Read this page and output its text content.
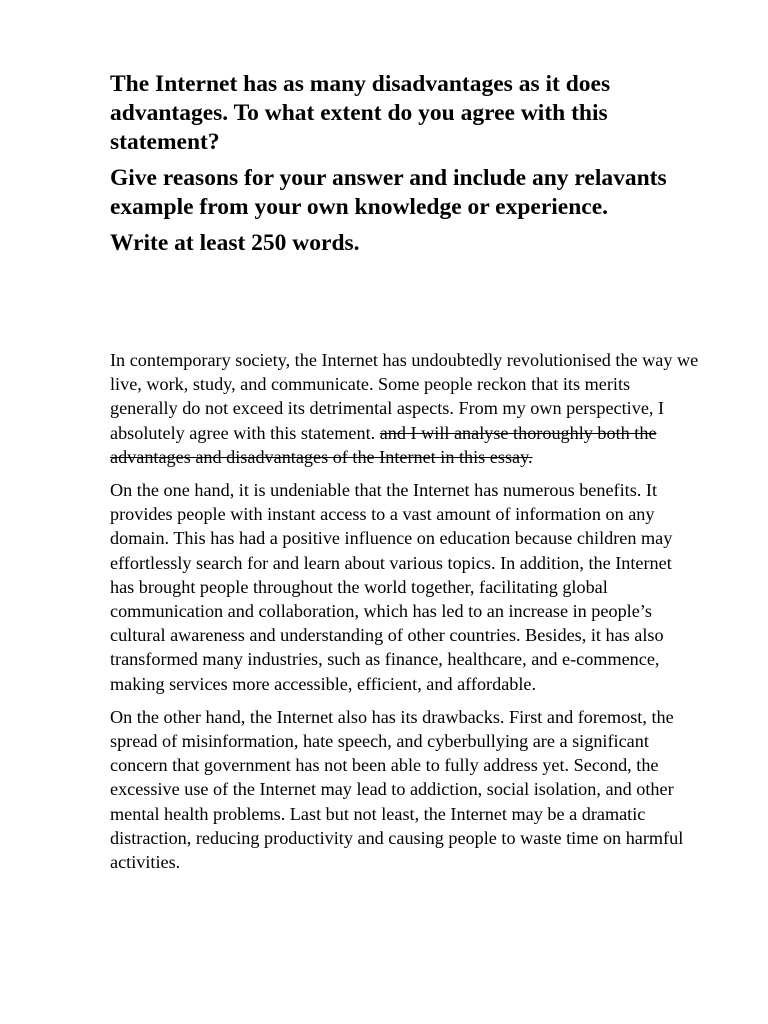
The Internet has as many disadvantages as it does advantages. To what extent do you agree with this statement?

Give reasons for your answer and include any relavants example from your own knowledge or experience.

Write at least 250 words.

In contemporary society, the Internet has undoubtedly revolutionised the way we live, work, study, and communicate. Some people reckon that its merits generally do not exceed its detrimental aspects. From my own perspective, I absolutely agree with this statement. and I will analyse thoroughly both the advantages and disadvantages of the Internet in this essay.

On the one hand, it is undeniable that the Internet has numerous benefits. It provides people with instant access to a vast amount of information on any domain. This has had a positive influence on education because children may effortlessly search for and learn about various topics. In addition, the Internet has brought people throughout the world together, facilitating global communication and collaboration, which has led to an increase in people’s cultural awareness and understanding of other countries. Besides, it has also transformed many industries, such as finance, healthcare, and e-commence, making services more accessible, efficient, and affordable.

On the other hand, the Internet also has its drawbacks. First and foremost, the spread of misinformation, hate speech, and cyberbullying are a significant concern that government has not been able to fully address yet. Second, the excessive use of the Internet may lead to addiction, social isolation, and other mental health problems. Last but not least, the Internet may be a dramatic distraction, reducing productivity and causing people to waste time on harmful activities.
